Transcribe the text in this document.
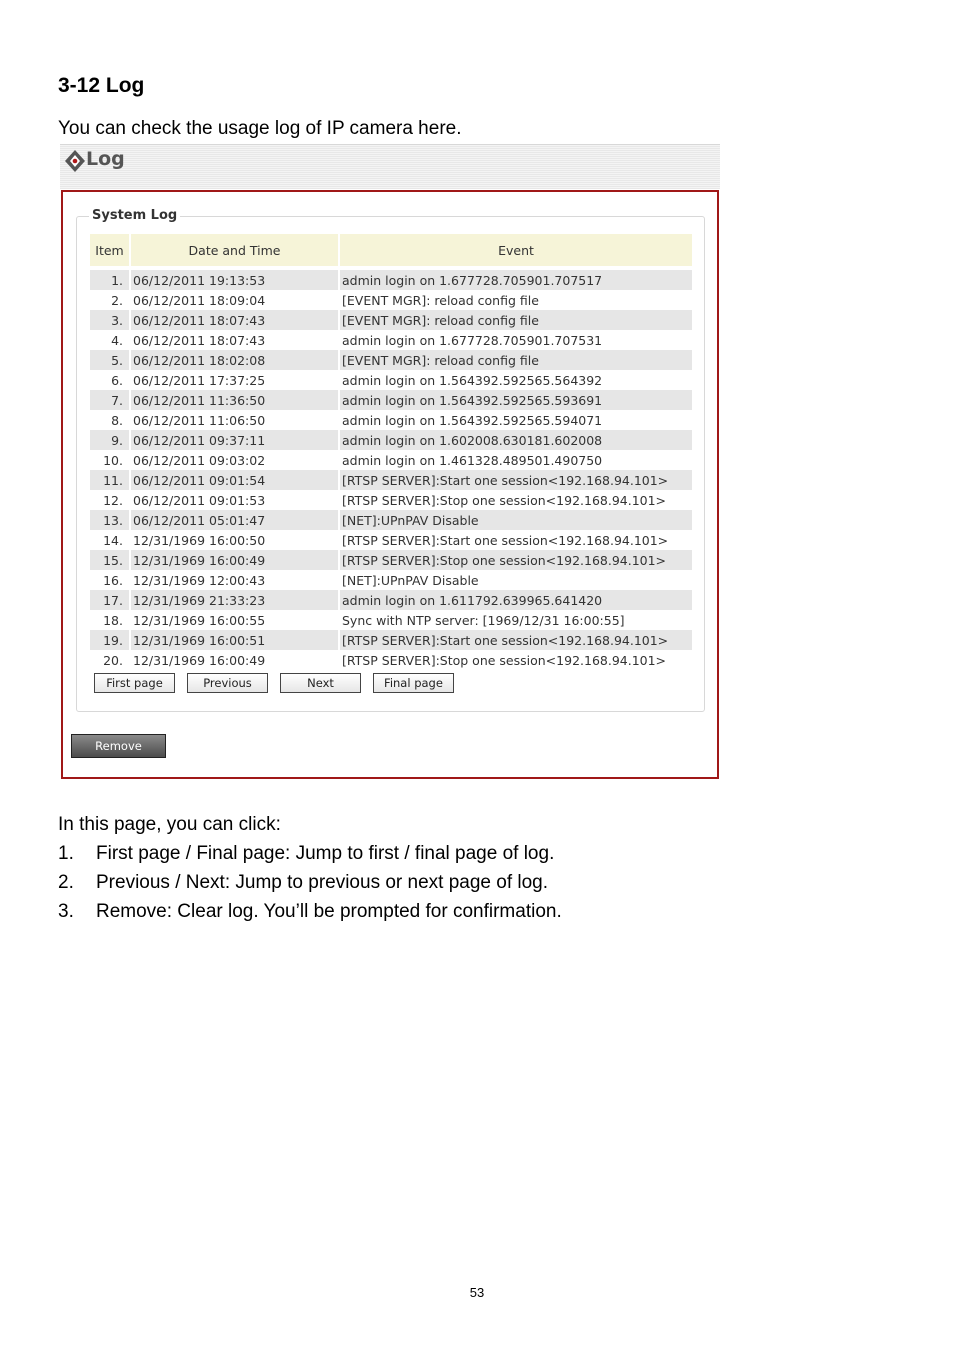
3-12 Log
You can check the usage log of IP camera here.
Log
System Log
Item	Date and Time	Event

1.	06/12/2011 19:13:53	admin login on 1.677728.705901.707517
2.	06/12/2011 18:09:04	[EVENT MGR]: reload config file
3.	06/12/2011 18:07:43	[EVENT MGR]: reload config file
4.	06/12/2011 18:07:43	admin login on 1.677728.705901.707531
5.	06/12/2011 18:02:08	[EVENT MGR]: reload config file
6.	06/12/2011 17:37:25	admin login on 1.564392.592565.564392
7.	06/12/2011 11:36:50	admin login on 1.564392.592565.593691
8.	06/12/2011 11:06:50	admin login on 1.564392.592565.594071
9.	06/12/2011 09:37:11	admin login on 1.602008.630181.602008
10.	06/12/2011 09:03:02	admin login on 1.461328.489501.490750
11.	06/12/2011 09:01:54	[RTSP SERVER]:Start one session<192.168.94.101>
12.	06/12/2011 09:01:53	[RTSP SERVER]:Stop one session<192.168.94.101>
13.	06/12/2011 05:01:47	[NET]:UPnPAV Disable
14.	12/31/1969 16:00:50	[RTSP SERVER]:Start one session<192.168.94.101>
15.	12/31/1969 16:00:49	[RTSP SERVER]:Stop one session<192.168.94.101>
16.	12/31/1969 12:00:43	[NET]:UPnPAV Disable
17.	12/31/1969 21:33:23	admin login on 1.611792.639965.641420
18.	12/31/1969 16:00:55	Sync with NTP server: [1969/12/31 16:00:55]
19.	12/31/1969 16:00:51	[RTSP SERVER]:Start one session<192.168.94.101>
20.	12/31/1969 16:00:49	[RTSP SERVER]:Stop one session<192.168.94.101>
First page	Previous	Next	Final page
Remove
In this page, you can click:
1. First page / Final page: Jump to first / final page of log.
2. Previous / Next: Jump to previous or next page of log.
3. Remove: Clear log. You’ll be prompted for confirmation.
53
